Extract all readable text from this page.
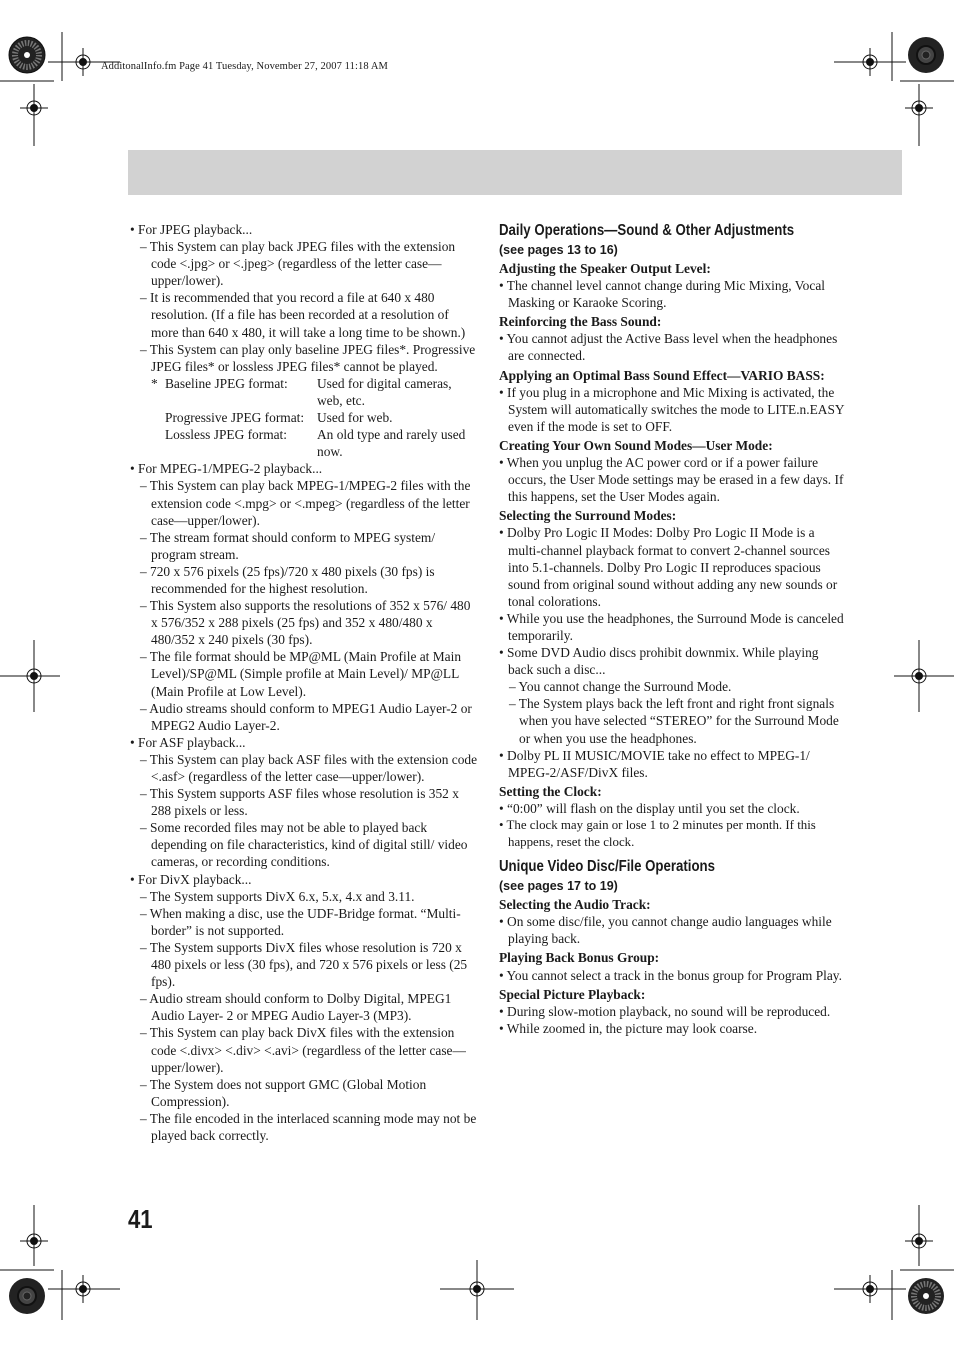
AdditonalInfo.fm Page 41 Tuesday, November 27, 2007 11:18 AM

• For JPEG playback...

– This System can play back JPEG files with the extension code <.jpg> or <.jpeg> (regardless of the letter case—upper/lower).

– It is recommended that you record a file at 640 x 480 resolution. (If a file has been recorded at a resolution of more than 640 x 480, it will take a long time to be shown.)

– This System can play only baseline JPEG files*. Progressive JPEG files* or lossless JPEG files* cannot be played.

* Baseline JPEG format:	Used for digital cameras, web, etc.
Progressive JPEG format: Used for web.
Lossless JPEG format:	An old type and rarely used now.

• For MPEG-1/MPEG-2 playback...

– This System can play back MPEG-1/MPEG-2 files with the extension code <.mpg> or <.mpeg> (regardless of the letter case—upper/lower).

– The stream format should conform to MPEG system/ program stream.

– 720 x 576 pixels (25 fps)/720 x 480 pixels (30 fps) is recommended for the highest resolution.

– This System also supports the resolutions of 352 x 576/ 480 x 576/352 x 288 pixels (25 fps) and 352 x 480/480 x 480/352 x 240 pixels (30 fps).

– The file format should be MP@ML (Main Profile at Main Level)/SP@ML (Simple profile at Main Level)/ MP@LL (Main Profile at Low Level).

– Audio streams should conform to MPEG1 Audio Layer-2 or MPEG2 Audio Layer-2.

• For ASF playback...

– This System can play back ASF files with the extension code <.asf> (regardless of the letter case—upper/lower).

– This System supports ASF files whose resolution is 352 x 288 pixels or less.

– Some recorded files may not be able to played back depending on file characteristics, kind of digital still/ video cameras, or recording conditions.

• For DivX playback...

– The System supports DivX 6.x, 5.x, 4.x and 3.11.

– When making a disc, use the UDF-Bridge format. “Multi-border” is not supported.

– The System supports DivX files whose resolution is 720 x 480 pixels or less (30 fps), and 720 x 576 pixels or less (25 fps).

– Audio stream should conform to Dolby Digital, MPEG1 Audio Layer- 2 or MPEG Audio Layer-3 (MP3).

– This System can play back DivX files with the extension code <.divx> <.div> <.avi> (regardless of the letter case—upper/lower).

– The System does not support GMC (Global Motion Compression).

– The file encoded in the interlaced scanning mode may not be played back correctly.

Daily Operations—Sound & Other Adjustments
(see pages 13 to 16)

Adjusting the Speaker Output Level:

• The channel level cannot change during Mic Mixing, Vocal Masking or Karaoke Scoring.

Reinforcing the Bass Sound:

• You cannot adjust the Active Bass level when the headphones are connected.

Applying an Optimal Bass Sound Effect—VARIO BASS:

• If you plug in a microphone and Mic Mixing is activated, the System will automatically switches the mode to LITE.n.EASY even if the mode is set to OFF.

Creating Your Own Sound Modes—User Mode:

• When you unplug the AC power cord or if a power failure occurs, the User Mode settings may be erased in a few days. If this happens, set the User Modes again.

Selecting the Surround Modes:

• Dolby Pro Logic II Modes: Dolby Pro Logic II Mode is a multi-channel playback format to convert 2-channel sources into 5.1-channels. Dolby Pro Logic II reproduces spacious sound from original sound without adding any new sounds or tonal colorations.

• While you use the headphones, the Surround Mode is canceled temporarily.

• Some DVD Audio discs prohibit downmix. While playing back such a disc...

– You cannot change the Surround Mode.

– The System plays back the left front and right front signals when you have selected “STEREO” for the Surround Mode or when you use the headphones.

• Dolby PL II MUSIC/MOVIE take no effect to MPEG-1/ MPEG-2/ASF/DivX files.

Setting the Clock:

• “0:00” will flash on the display until you set the clock.

• The clock may gain or lose 1 to 2 minutes per month. If this happens, reset the clock.

Unique Video Disc/File Operations
(see pages 17 to 19)

Selecting the Audio Track:

• On some disc/file, you cannot change audio languages while playing back.

Playing Back Bonus Group:

• You cannot select a track in the bonus group for Program Play.

Special Picture Playback:

• During slow-motion playback, no sound will be reproduced.

• While zoomed in, the picture may look coarse.

41
